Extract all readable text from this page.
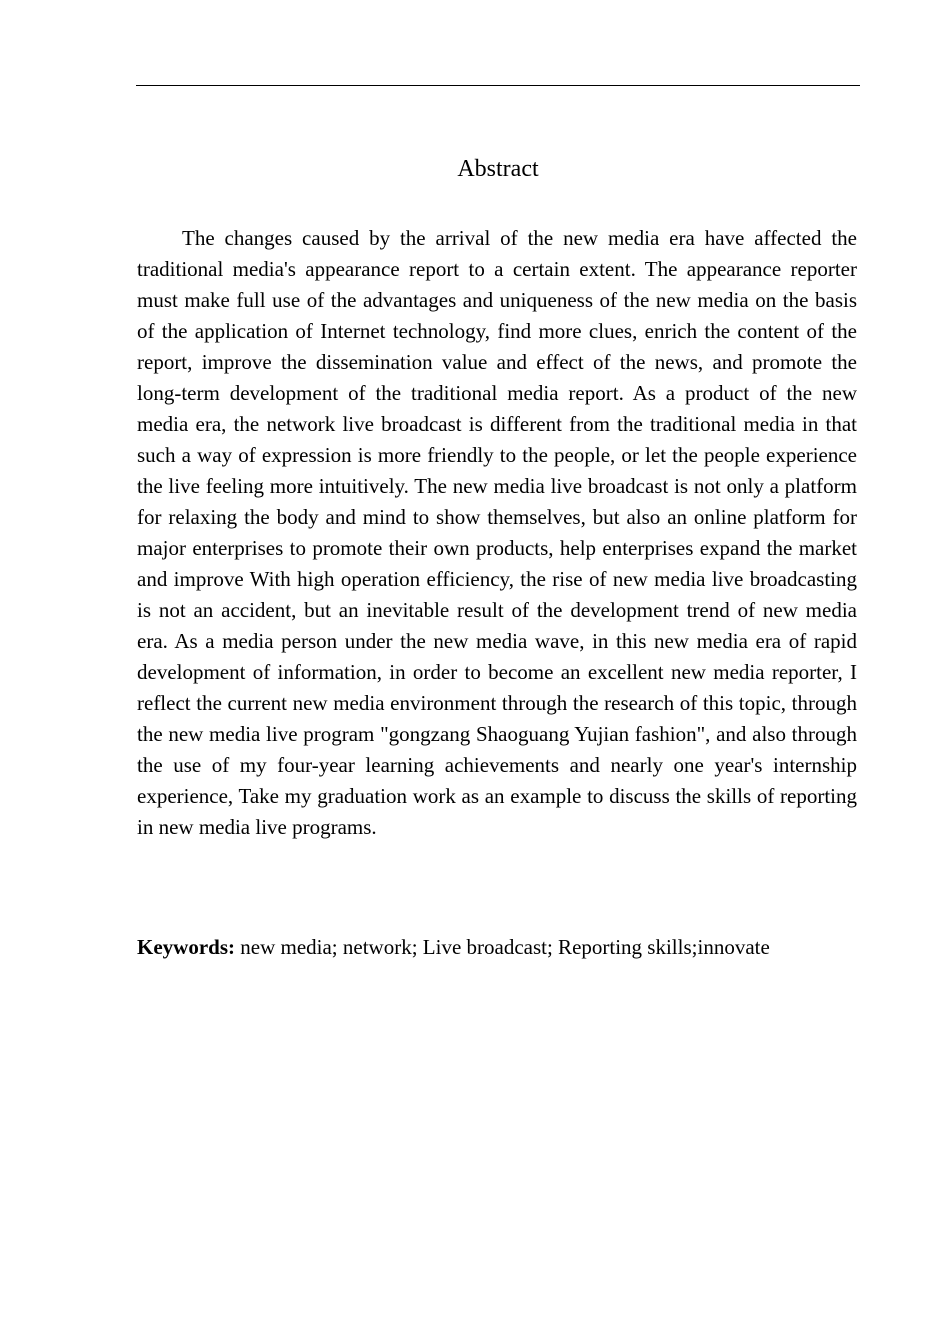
Abstract

The changes caused by the arrival of the new media era have affected the traditional media's appearance report to a certain extent. The appearance reporter must make full use of the advantages and uniqueness of the new media on the basis of the application of Internet technology, find more clues, enrich the content of the report, improve the dissemination value and effect of the news, and promote the long-term development of the traditional media report. As a product of the new media era, the network live broadcast is different from the traditional media in that such a way of expression is more friendly to the people, or let the people experience the live feeling more intuitively. The new media live broadcast is not only a platform for relaxing the body and mind to show themselves, but also an online platform for major enterprises to promote their own products, help enterprises expand the market and improve With high operation efficiency, the rise of new media live broadcasting is not an accident, but an inevitable result of the development trend of new media era. As a media person under the new media wave, in this new media era of rapid development of information, in order to become an excellent new media reporter, I reflect the current new media environment through the research of this topic, through the new media live program "gongzang Shaoguang Yujian fashion", and also through the use of my four-year learning achievements and nearly one year's internship experience, Take my graduation work as an example to discuss the skills of reporting in new media live programs.

Keywords: new media; network; Live broadcast; Reporting skills;innovate
